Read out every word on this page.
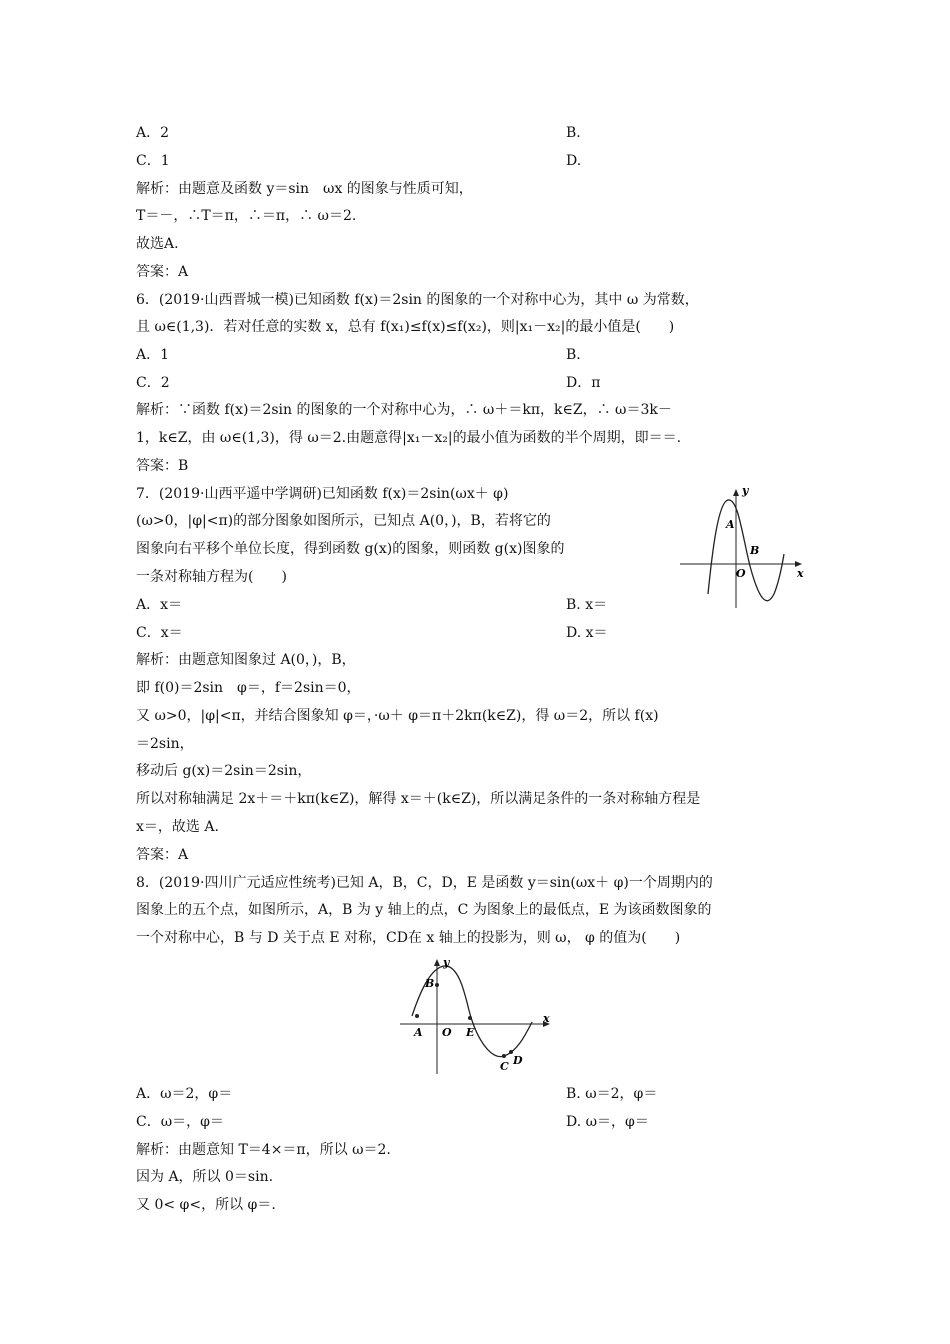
A．2	B.
C．1	D.
解析：由题意及函数 y＝sin　ωx 的图象与性质可知，
T＝－，∴T＝π，∴＝π，∴ ω＝2.
故选A.
答案：A
6．(2019·山西晋城一模)已知函数 f(x)＝2sin 的图象的一个对称中心为，其中 ω 为常数，
且 ω∈(1,3)．若对任意的实数 x，总有 f(x₁)≤f(x)≤f(x₂)，则|x₁－x₂|的最小值是(　　)
A．1	B.
C．2	D．π
解析：∵函数 f(x)＝2sin 的图象的一个对称中心为，∴ ω＋＝kπ，k∈Z，∴ ω＝3k－
1，k∈Z，由 ω∈(1,3)，得 ω＝2.由题意得|x₁－x₂|的最小值为函数的半个周期，即＝＝.
答案：B
7．(2019·山西平遥中学调研)已知函数 f(x)＝2sin(ωx＋ φ)
(ω>0，|φ|<π)的部分图象如图所示，已知点 A(0，)，B，若将它的
图象向右平移个单位长度，得到函数 g(x)的图象，则函数 g(x)图象的
一条对称轴方程为(　　)
A．x＝	B. x＝
C．x＝	D. x＝
解析：由题意知图象过 A(0，)，B，
即 f(0)＝2sin　φ＝，f＝2sin＝0，
又 ω>0，|φ|<π，并结合图象知 φ＝，·ω＋ φ＝π＋2kπ(k∈Z)，得 ω＝2，所以 f(x)
＝2sin，
移动后 g(x)＝2sin＝2sin，
所以对称轴满足 2x＋＝＋kπ(k∈Z)，解得 x＝＋(k∈Z)，所以满足条件的一条对称轴方程是
x＝，故选 A.
答案：A
y
A
B
O	x
8．(2019·四川广元适应性统考)已知 A，B，C，D，E 是函数 y＝sin(ωx＋ φ)一个周期内的
图象上的五个点，如图所示，A，B 为 y 轴上的点，C 为图象上的最低点，E 为该函数图象的
一个对称中心，B 与 D 关于点 E 对称，CD在 x 轴上的投影为，则 ω， φ 的值为(　　)
y
B
A O E
x
C D
A．ω＝2，φ＝	B. ω＝2，φ＝
C．ω＝，φ＝	D. ω＝，φ＝
解析：由题意知 T＝4×＝π，所以 ω＝2.
因为 A，所以 0＝sin.
又 0< φ<，所以 φ＝.
